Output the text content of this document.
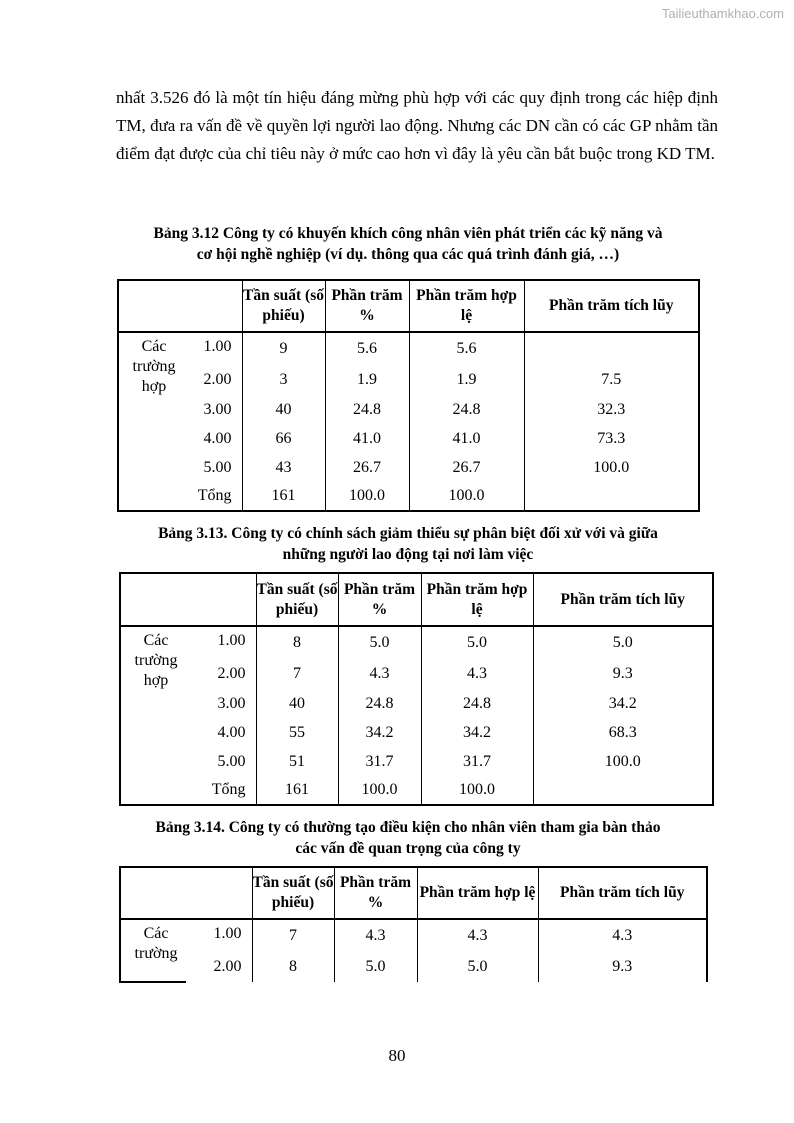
Tailieuthamkhao.com
nhất 3.526 đó là một tín hiệu đáng mừng phù hợp với các quy định trong các hiệp định TM, đưa ra vấn đề về quyền lợi người lao động. Nhưng các DN cần có các GP nhằm tần điểm đạt được của chỉ tiêu này ở mức cao hơn vì đây là yêu cần bắt buộc trong KD TM.
Bảng 3.12 Công ty có khuyến khích công nhân viên phát triển các kỹ năng và
cơ hội nghề nghiệp (ví dụ. thông qua các quá trình đánh giá, …)
	Tần suất (số phiếu)	Phần trăm %	Phần trăm hợp lệ	Phần trăm tích lũy

Các trường hợp
1.00	9	5.6	5.6	

2.00	3	1.9	1.9	7.5

3.00	40	24.8	24.8	32.3

4.00	66	41.0	41.0	73.3

5.00	43	26.7	26.7	100.0

Tổng	161	100.0	100.0	
Bảng 3.13. Công ty có chính sách giảm thiểu sự phân biệt đối xử với và giữa
những người lao động tại nơi làm việc
	Tần suất (số phiếu)	Phần trăm %	Phần trăm hợp lệ	Phần trăm tích lũy

Các trường hợp
1.00	8	5.0	5.0	5.0

2.00	7	4.3	4.3	9.3

3.00	40	24.8	24.8	34.2

4.00	55	34.2	34.2	68.3

5.00	51	31.7	31.7	100.0

Tổng	161	100.0	100.0	
Bảng 3.14. Công ty có thường tạo điều kiện cho nhân viên tham gia bàn thảo
các vấn đề quan trọng của công ty
	Tần suất (số phiếu)	Phần trăm %	Phần trăm hợp lệ	Phần trăm tích lũy

Các trường
1.00	7	4.3	4.3	4.3

2.00	8	5.0	5.0	9.3
80
